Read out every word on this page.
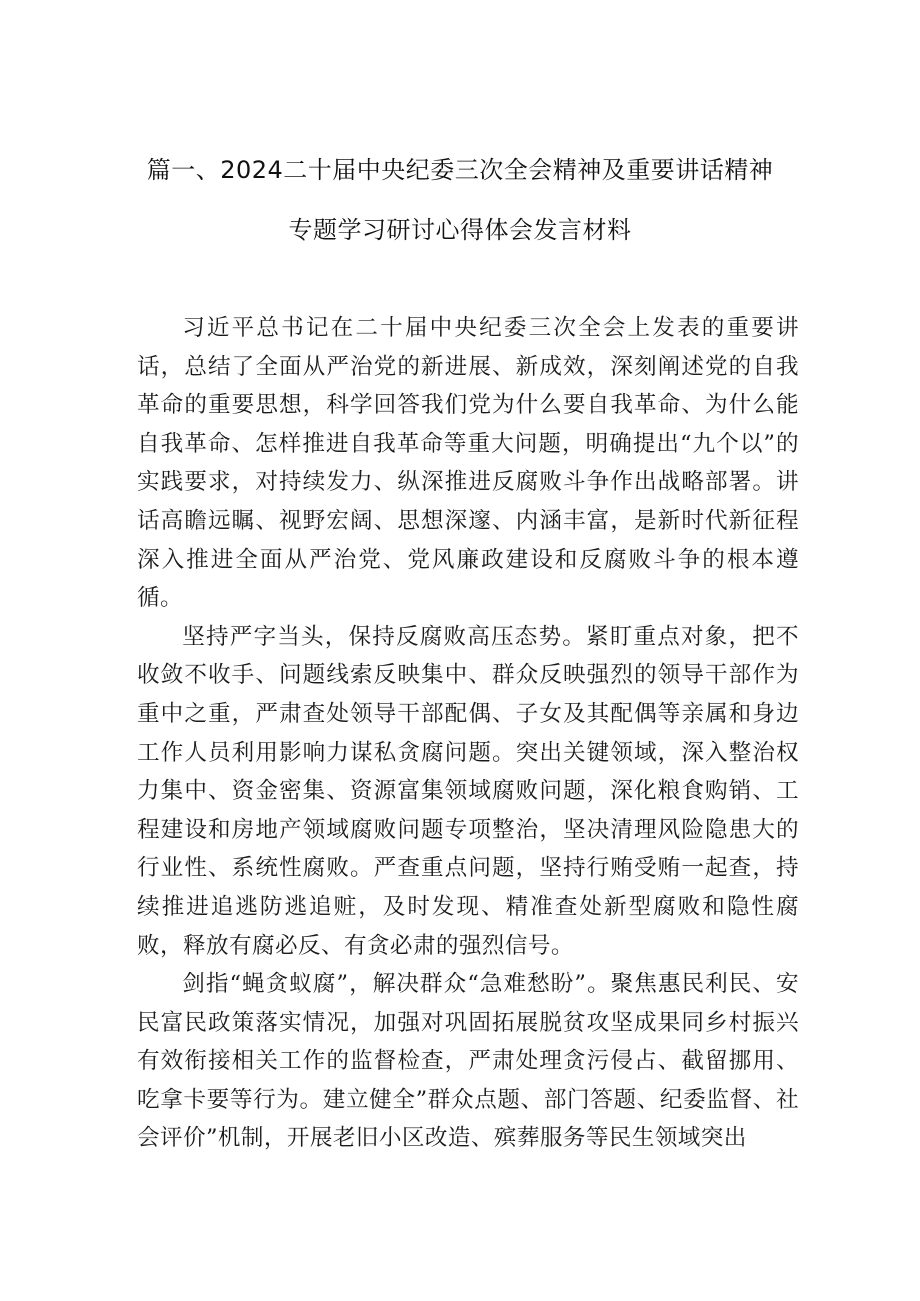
篇一、2024二十届中央纪委三次全会精神及重要讲话精神
专题学习研讨心得体会发言材料

习近平总书记在二十届中央纪委三次全会上发表的重要讲话，总结了全面从严治党的新进展、新成效，深刻阐述党的自我革命的重要思想，科学回答我们党为什么要自我革命、为什么能自我革命、怎样推进自我革命等重大问题，明确提出“九个以”的实践要求，对持续发力、纵深推进反腐败斗争作出战略部署。讲话高瞻远瞩、视野宏阔、思想深邃、内涵丰富，是新时代新征程深入推进全面从严治党、党风廉政建设和反腐败斗争的根本遵循。

坚持严字当头，保持反腐败高压态势。紧盯重点对象，把不收敛不收手、问题线索反映集中、群众反映强烈的领导干部作为重中之重，严肃查处领导干部配偶、子女及其配偶等亲属和身边工作人员利用影响力谋私贪腐问题。突出关键领域，深入整治权力集中、资金密集、资源富集领域腐败问题，深化粮食购销、工程建设和房地产领域腐败问题专项整治，坚决清理风险隐患大的行业性、系统性腐败。严查重点问题，坚持行贿受贿一起查，持续推进追逃防逃追赃，及时发现、精准查处新型腐败和隐性腐败，释放有腐必反、有贪必肃的强烈信号。

剑指“蝇贪蚁腐”，解决群众“急难愁盼”。聚焦惠民利民、安民富民政策落实情况，加强对巩固拓展脱贫攻坚成果同乡村振兴有效衔接相关工作的监督检查，严肃处理贪污侵占、截留挪用、吃拿卡要等行为。建立健全”群众点题、部门答题、纪委监督、社会评价”机制，开展老旧小区改造、殡葬服务等民生领域突出
